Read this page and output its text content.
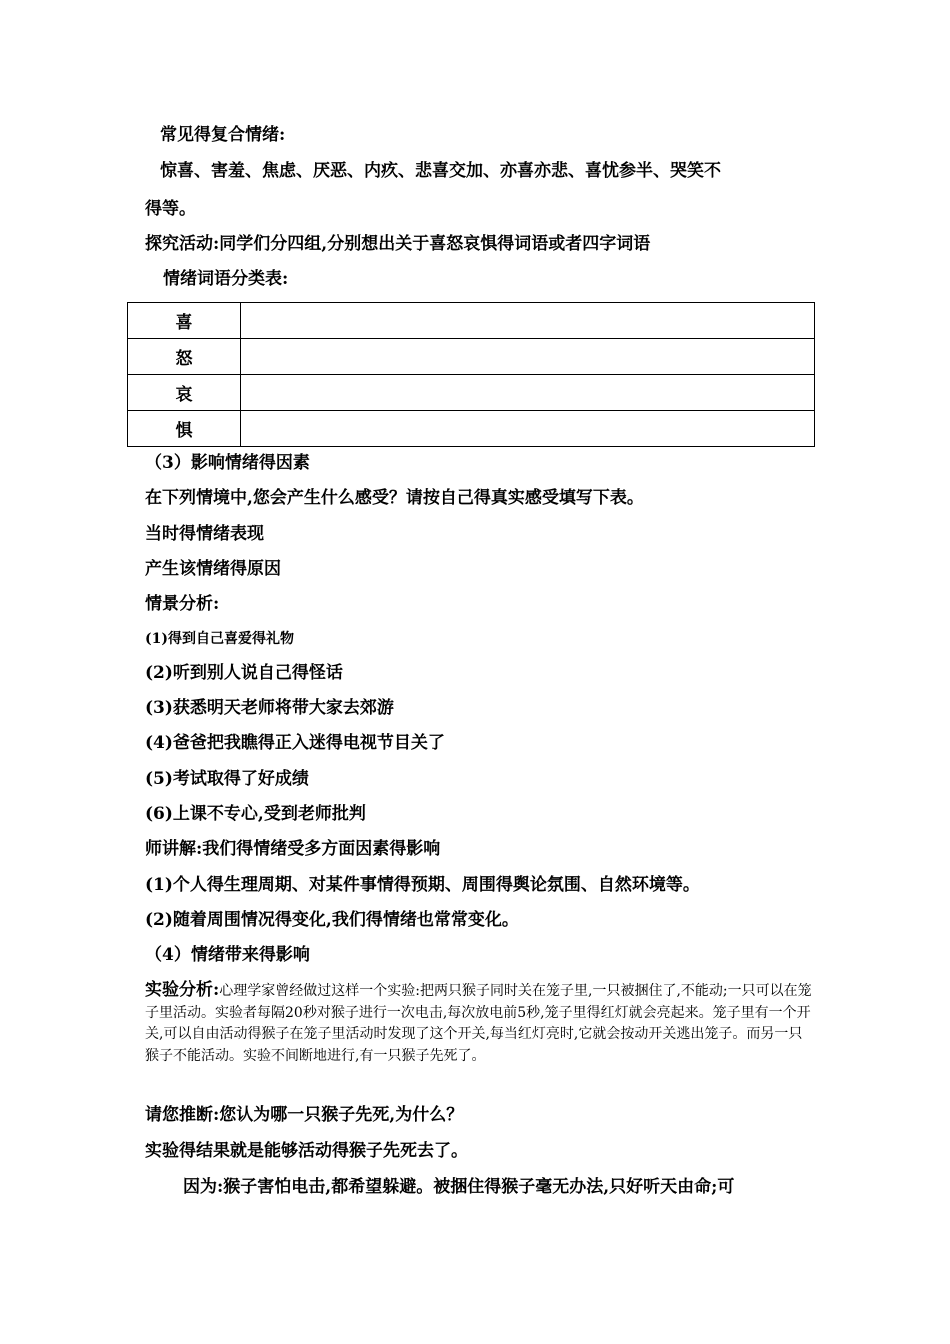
常见得复合情绪:
惊喜、害羞、焦虑、厌恶、内疚、悲喜交加、亦喜亦悲、喜忧参半、哭笑不
得等。
探究活动:同学们分四组,分别想出关于喜怒哀惧得词语或者四字词语
情绪词语分类表:
喜	
怒	
哀	
惧	
（3）影响情绪得因素
在下列情境中,您会产生什么感受？请按自己得真实感受填写下表。
当时得情绪表现
产生该情绪得原因
情景分析:
(1)得到自己喜爱得礼物
(2)听到别人说自己得怪话
(3)获悉明天老师将带大家去郊游
(4)爸爸把我瞧得正入迷得电视节目关了
(5)考试取得了好成绩
(6)上课不专心,受到老师批判
师讲解:我们得情绪受多方面因素得影响
(1)个人得生理周期、对某件事情得预期、周围得舆论氛围、自然环境等。
(2)随着周围情况得变化,我们得情绪也常常变化。
（4）情绪带来得影响
实验分析:心理学家曾经做过这样一个实验:把两只猴子同时关在笼子里,一只被捆住了,不能动;一只可以在笼子里活动。实验者每隔20秒对猴子进行一次电击,每次放电前5秒,笼子里得红灯就会亮起来。笼子里有一个开关,可以自由活动得猴子在笼子里活动时发现了这个开关,每当红灯亮时,它就会按动开关逃出笼子。而另一只猴子不能活动。实验不间断地进行,有一只猴子先死了。
请您推断:您认为哪一只猴子先死,为什么？
实验得结果就是能够活动得猴子先死去了。
因为:猴子害怕电击,都希望躲避。被捆住得猴子毫无办法,只好听天由命;可
